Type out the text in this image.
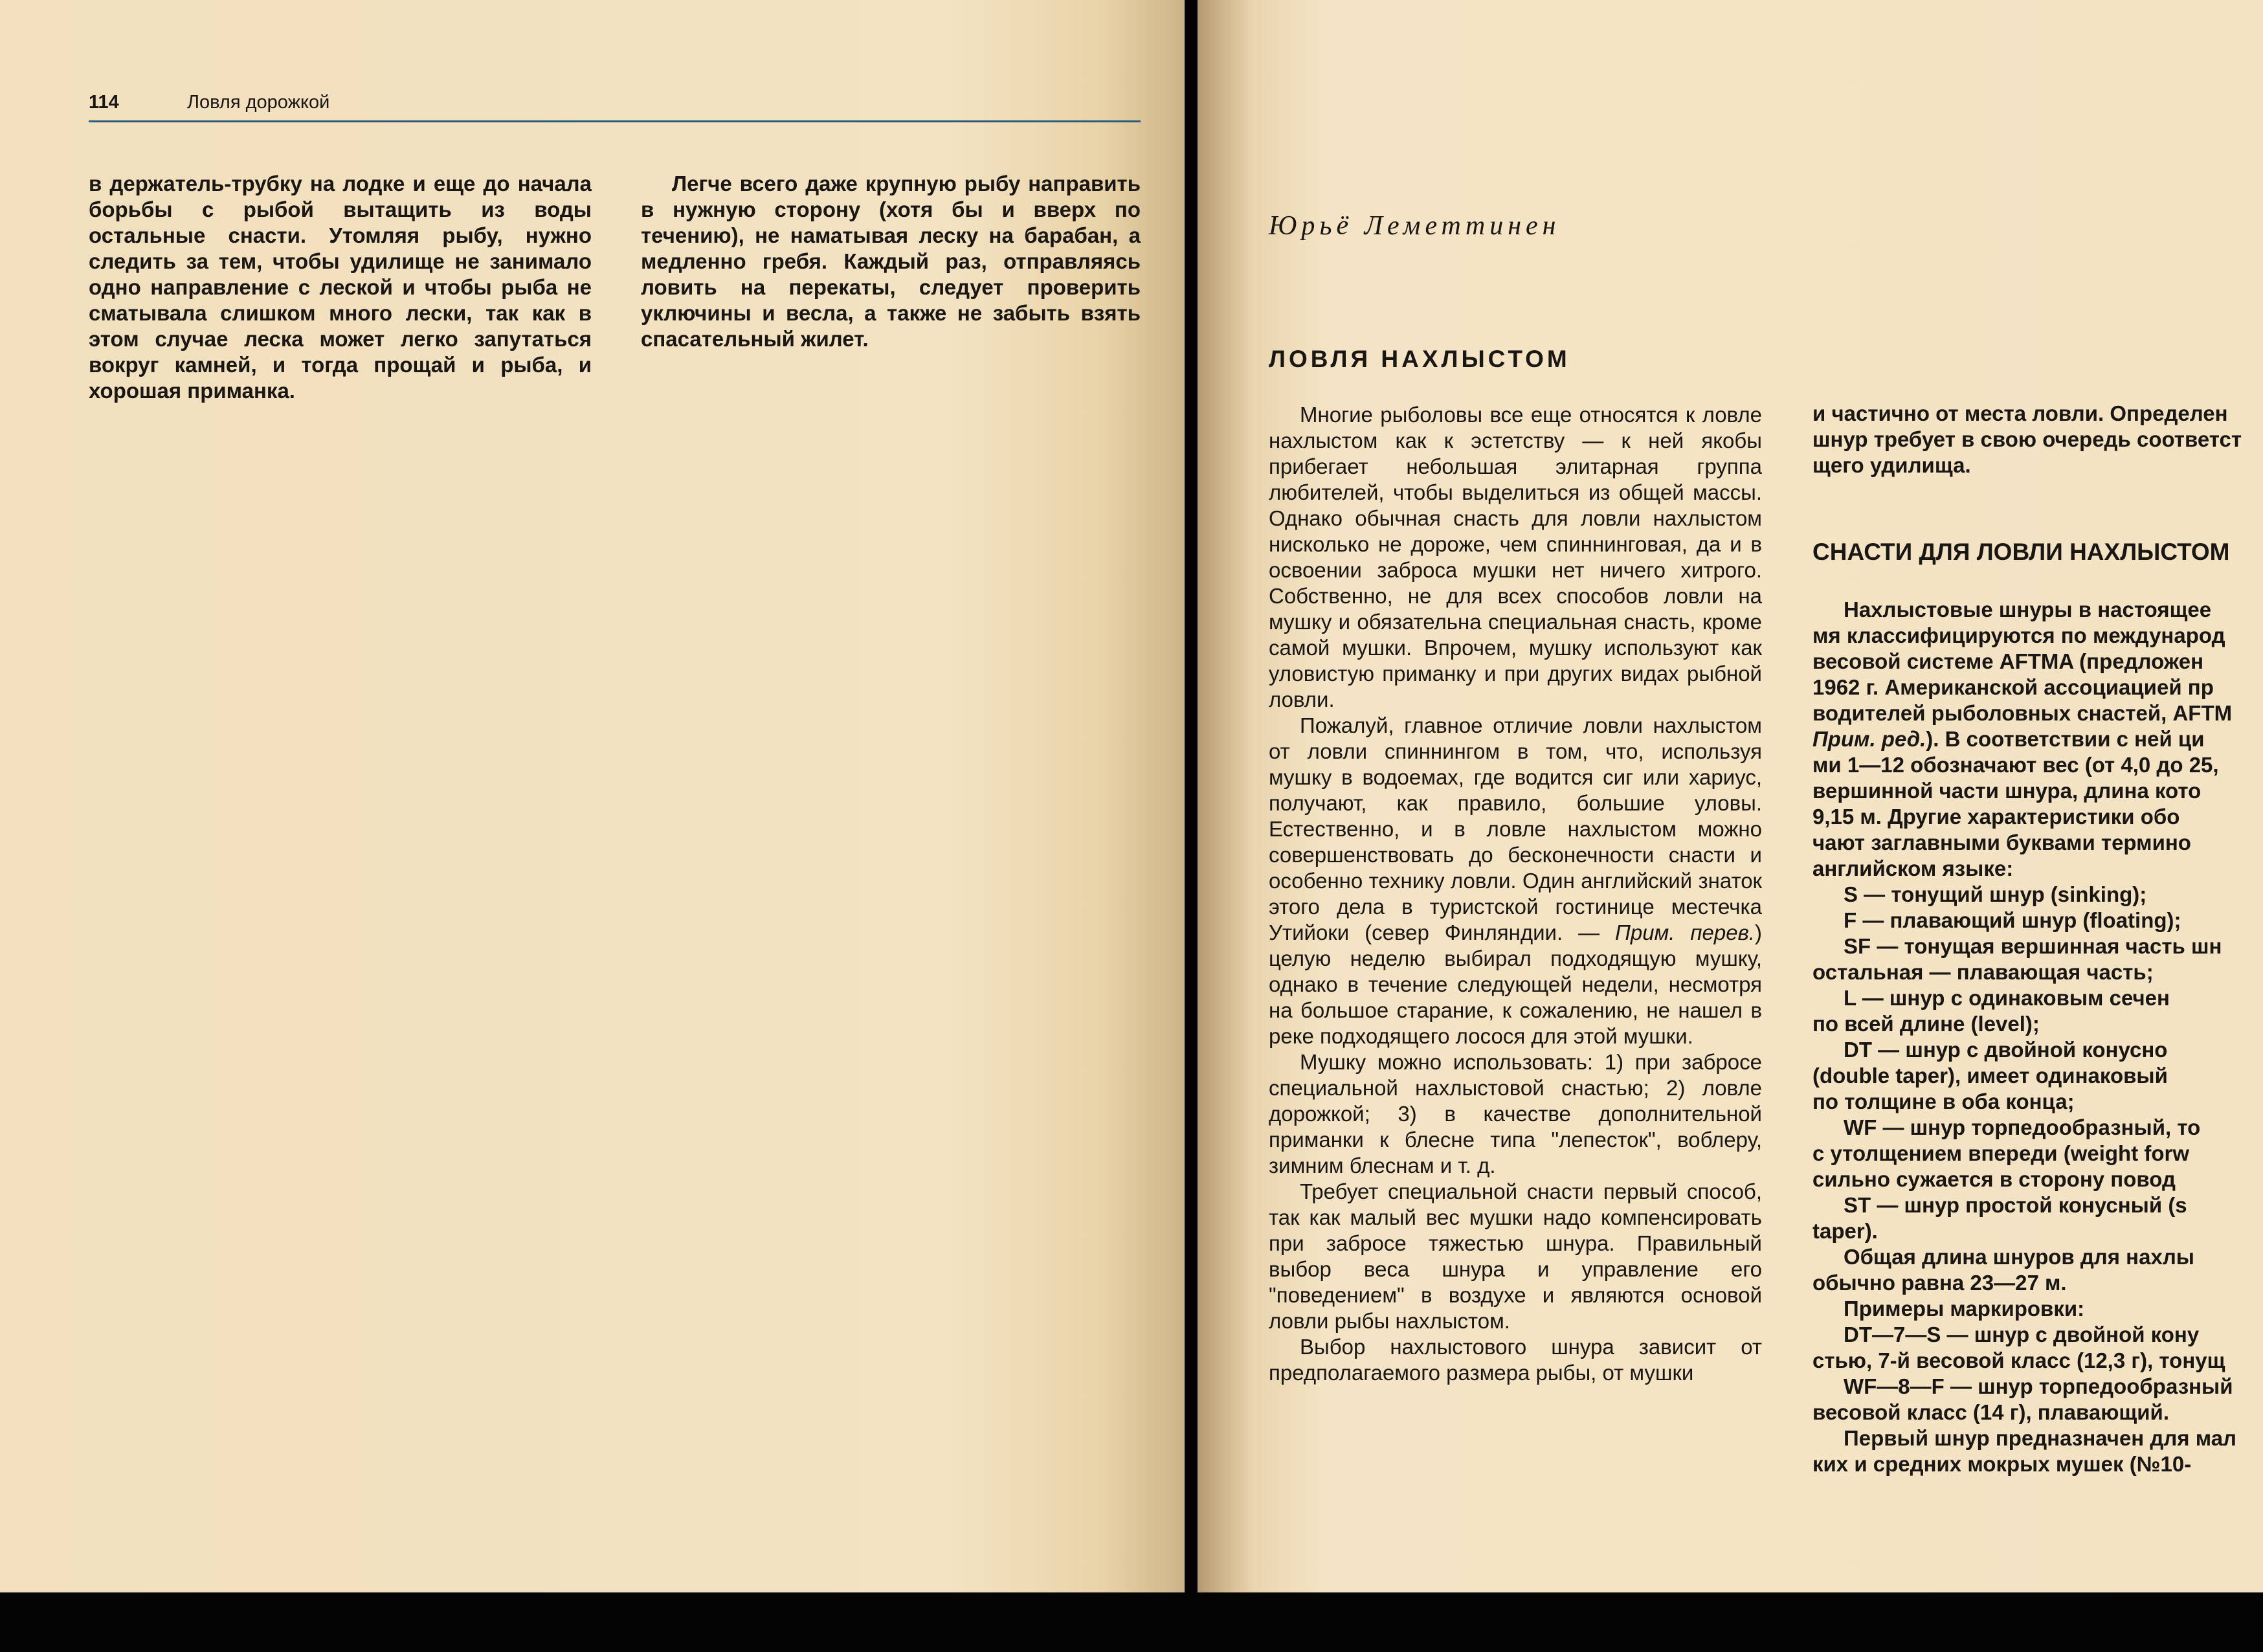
114	Ловля дорожкой

в держатель-трубку на лодке и еще до начала борьбы с рыбой вытащить из воды остальные снасти. Утомляя рыбу, нужно следить за тем, чтобы удилище не занимало одно направление с леской и чтобы рыба не сматывала слишком много лески, так как в этом случае леска может легко запутаться вокруг камней, и тогда прощай и рыба, и хорошая приманка.

Легче всего даже крупную рыбу направить в нужную сторону (хотя бы и вверх по течению), не наматывая леску на барабан, а медленно гребя. Каждый раз, отправляясь ловить на перекаты, следует проверить уключины и весла, а также не забыть взять спасательный жилет.

Юрьё Леметтинен
ЛОВЛЯ НАХЛЫСТОМ

Многие рыболовы все еще относятся к ловле нахлыстом как к эстетству — к ней якобы прибегает небольшая элитарная группа любителей, чтобы выделиться из общей массы. Однако обычная снасть для ловли нахлыстом нисколько не дороже, чем спиннинговая, да и в освоении заброса мушки нет ничего хитрого. Собственно, не для всех способов ловли на мушку и обязательна специальная снасть, кроме самой мушки. Впрочем, мушку используют как уловистую приманку и при других видах рыбной ловли.

Пожалуй, главное отличие ловли нахлыстом от ловли спиннингом в том, что, используя мушку в водоемах, где водится сиг или хариус, получают, как правило, большие уловы. Естественно, и в ловле нахлыстом можно совершенствовать до бесконечности снасти и особенно технику ловли. Один английский знаток этого дела в туристской гостинице местечка Утийоки (север Финляндии. — Прим. перев.) целую неделю выбирал подходящую мушку, однако в течение следующей недели, несмотря на большое старание, к сожалению, не нашел в реке подходящего лосося для этой мушки.

Мушку можно использовать: 1) при забросе специальной нахлыстовой снастью; 2) ловле дорожкой; 3) в качестве дополнительной приманки к блесне типа "лепесток", воблеру, зимним блеснам и т. д.

Требует специальной снасти первый способ, так как малый вес мушки надо компенсировать при забросе тяжестью шнура. Правильный выбор веса шнура и управление его "поведением" в воздухе и являются основой ловли рыбы нахлыстом.

Выбор нахлыстового шнура зависит от предполагаемого размера рыбы, от мушки

и частично от места ловли. Определен

шнур требует в свою очередь соответст

щего удилища.

СНАСТИ ДЛЯ ЛОВЛИ НАХЛЫСТОМ

Нахлыстовые шнуры в настоящее

мя классифицируются по международ

весовой системе AFTMA (предложен

1962 г. Американской ассоциацией пр

водителей рыболовных снастей, AFTM

Прим. ред.). В соответствии с ней ци

ми 1—12 обозначают вес (от 4,0 до 25,

вершинной части шнура, длина кото

9,15 м. Другие характеристики обо

чают заглавными буквами термино

английском языке:

S — тонущий шнур (sinking);

F — плавающий шнур (floating);

SF — тонущая вершинная часть шн

остальная — плавающая часть;

L — шнур с одинаковым сечен

по всей длине (level);

DT — шнур с двойной конусно

(double taper), имеет одинаковый

по толщине в оба конца;

WF — шнур торпедообразный, то

с утолщением впереди (weight forw

сильно сужается в сторону повод

ST — шнур простой конусный (s

taper).

Общая длина шнуров для нахлы

обычно равна 23—27 м.

Примеры маркировки:

DT—7—S — шнур с двойной кону

стью, 7-й весовой класс (12,3 г), тонущ

WF—8—F — шнур торпедообразный

весовой класс (14 г), плавающий.

Первый шнур предназначен для мал

ких и средних мокрых мушек (№10-
